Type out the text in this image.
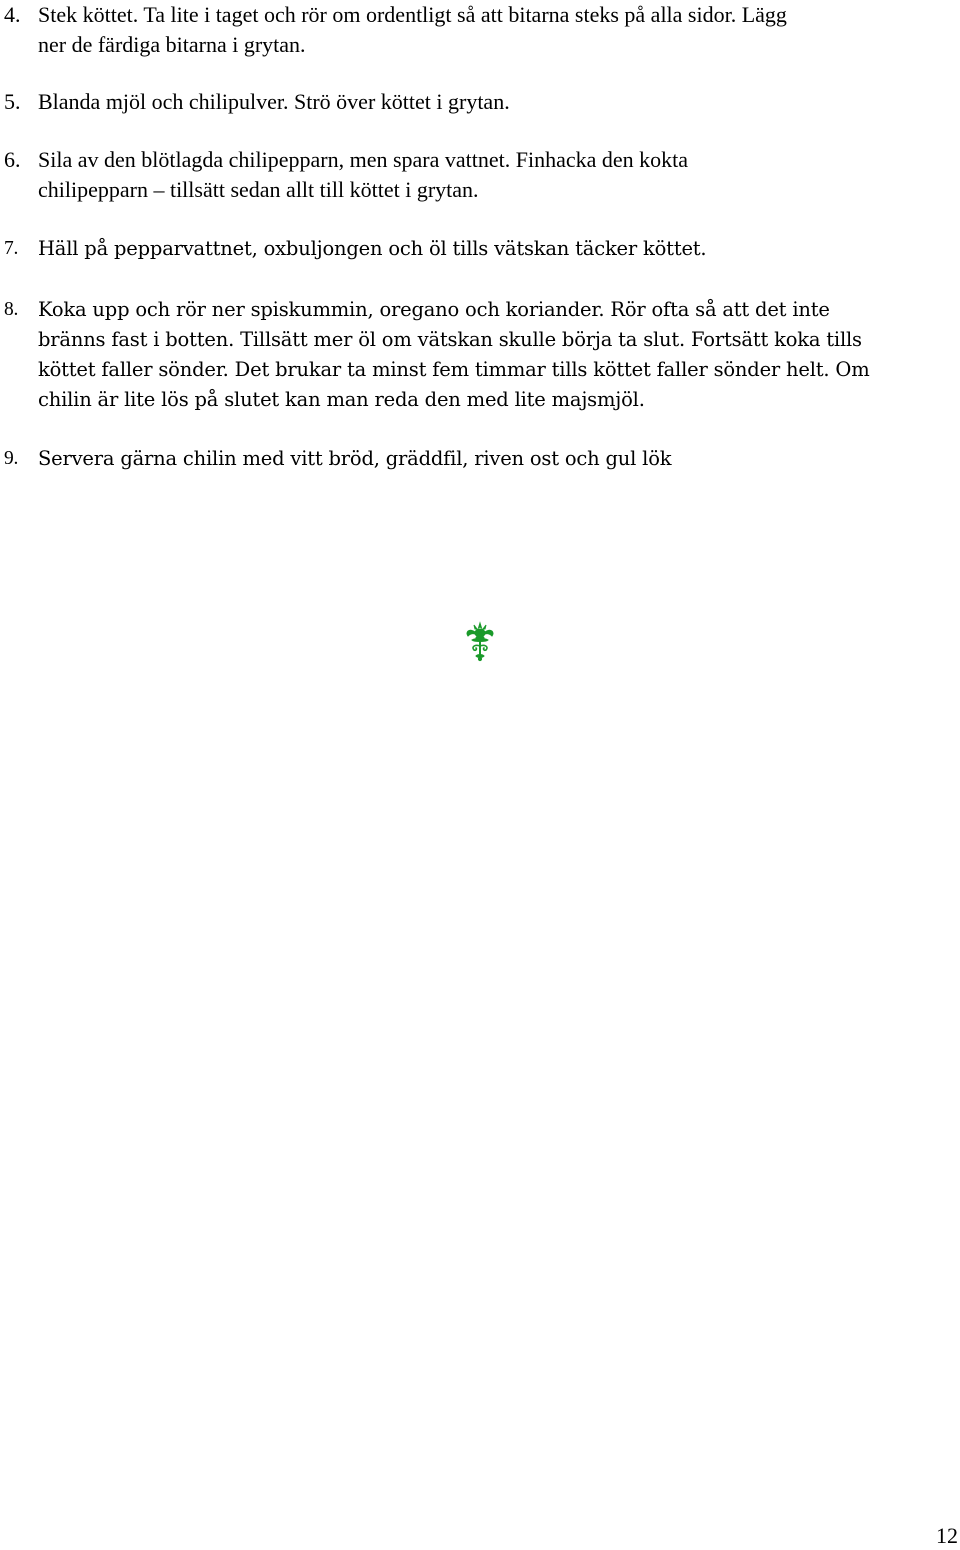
4. Stek köttet. Ta lite i taget och rör om ordentligt så att bitarna steks på alla sidor. Lägg
ner de färdiga bitarna i grytan.
5. Blanda mjöl och chilipulver. Strö över köttet i grytan.
6. Sila av den blötlagda chilipepparn, men spara vattnet. Finhacka den kokta
chilipepparn – tillsätt sedan allt till köttet i grytan.
7. Häll på pepparvattnet, oxbuljongen och öl tills vätskan täcker köttet.
8. Koka upp och rör ner spiskummin, oregano och koriander. Rör ofta så att det inte
bränns fast i botten. Tillsätt mer öl om vätskan skulle börja ta slut. Fortsätt koka tills
köttet faller sönder. Det brukar ta minst fem timmar tills köttet faller sönder helt. Om
chilin är lite lös på slutet kan man reda den med lite majsmjöl.
9. Servera gärna chilin med vitt bröd, gräddfil, riven ost och gul lök
12
